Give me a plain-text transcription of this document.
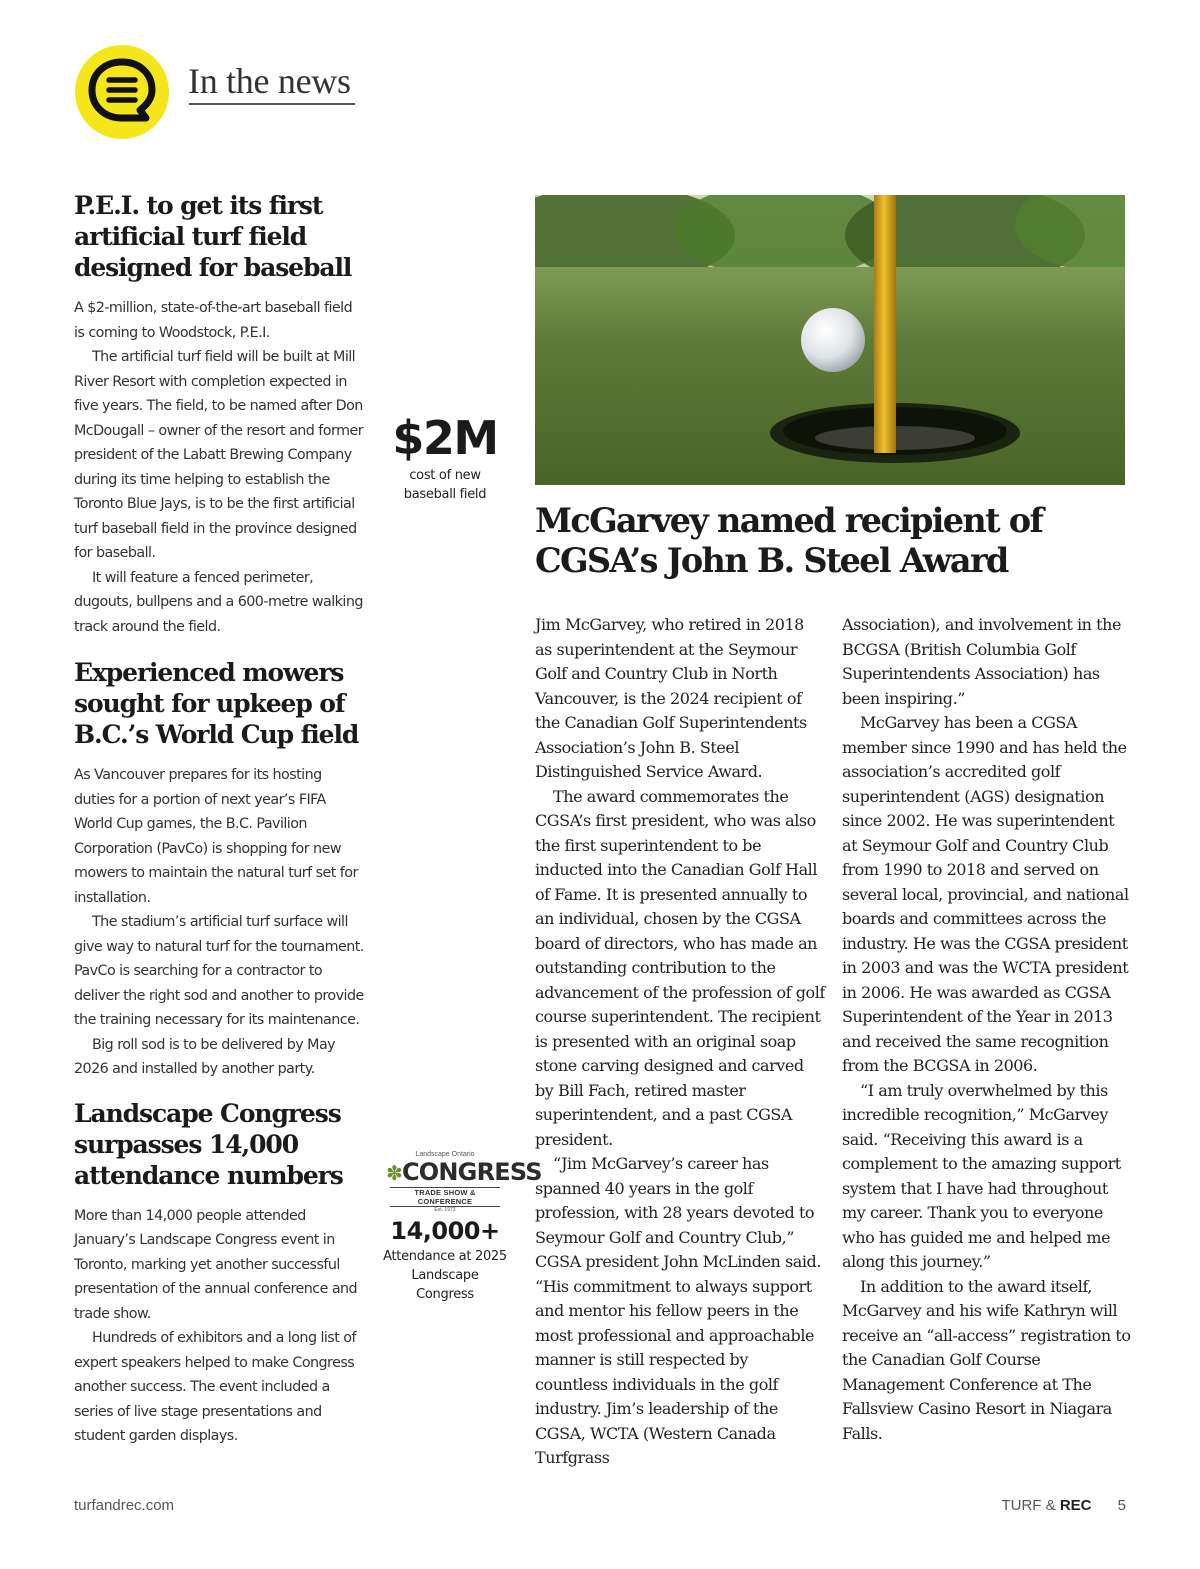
In the news
P.E.I. to get its first artificial turf field designed for baseball

A $2-million, state-of-the-art baseball field is coming to Woodstock, P.E.I.

The artificial turf field will be built at Mill River Resort with completion expected in five years. The field, to be named after Don McDougall – owner of the resort and former president of the Labatt Brewing Company during its time helping to establish the Toronto Blue Jays, is to be the first artificial turf baseball field in the province designed for baseball.

It will feature a fenced perimeter, dugouts, bullpens and a 600-metre walking track around the field.

Experienced mowers sought for upkeep of B.C.’s World Cup field

As Vancouver prepares for its hosting duties for a portion of next year’s FIFA World Cup games, the B.C. Pavilion Corporation (PavCo) is shopping for new mowers to maintain the natural turf set for installation.

The stadium’s artificial turf surface will give way to natural turf for the tournament. PavCo is searching for a contractor to deliver the right sod and another to provide the training necessary for its maintenance.

Big roll sod is to be delivered by May 2026 and installed by another party.

Landscape Congress surpasses 14,000 attendance numbers

More than 14,000 people attended January’s Landscape Congress event in Toronto, marking yet another successful presentation of the annual conference and trade show.

Hundreds of exhibitors and a long list of expert speakers helped to make Congress another success. The event included a series of live stage presentations and student garden displays.

$2M
cost of new baseball field
Landscape Ontario
✽CONGRESS
TRADE SHOW & CONFERENCE
Est. 1973
14,000+
Attendance at 2025 Landscape Congress
McGarvey named recipient of CGSA’s John B. Steel Award

Jim McGarvey, who retired in 2018 as superintendent at the Seymour Golf and Country Club in North Vancouver, is the 2024 recipient of the Canadian Golf Superintendents Association’s John B. Steel Distinguished Service Award.

The award commemorates the CGSA’s first president, who was also the first superintendent to be inducted into the Canadian Golf Hall of Fame. It is presented annually to an individual, chosen by the CGSA board of directors, who has made an outstanding contribution to the advancement of the profession of golf course superintendent. The recipient is presented with an original soap stone carving designed and carved by Bill Fach, retired master superintendent, and a past CGSA president.

“Jim McGarvey’s career has spanned 40 years in the golf profession, with 28 years devoted to Seymour Golf and Country Club,” CGSA president John McLinden said. “His commitment to always support and mentor his fellow peers in the most professional and approachable manner is still respected by countless individuals in the golf industry. Jim’s leadership of the CGSA, WCTA (Western Canada Turfgrass

Association), and involvement in the BCGSA (British Columbia Golf Superintendents Association) has been inspiring.”

McGarvey has been a CGSA member since 1990 and has held the association’s accredited golf superintendent (AGS) designation since 2002. He was superintendent at Seymour Golf and Country Club from 1990 to 2018 and served on several local, provincial, and national boards and committees across the industry. He was the CGSA president in 2003 and was the WCTA president in 2006. He was awarded as CGSA Superintendent of the Year in 2013 and received the same recognition from the BCGSA in 2006.

“I am truly overwhelmed by this incredible recognition,” McGarvey said. “Receiving this award is a complement to the amazing support system that I have had throughout my career. Thank you to everyone who has guided me and helped me along this journey.”

In addition to the award itself, McGarvey and his wife Kathryn will receive an “all-access” registration to the Canadian Golf Course Management Conference at The Fallsview Casino Resort in Niagara Falls.

turfandrec.com	TURF & REC 5
